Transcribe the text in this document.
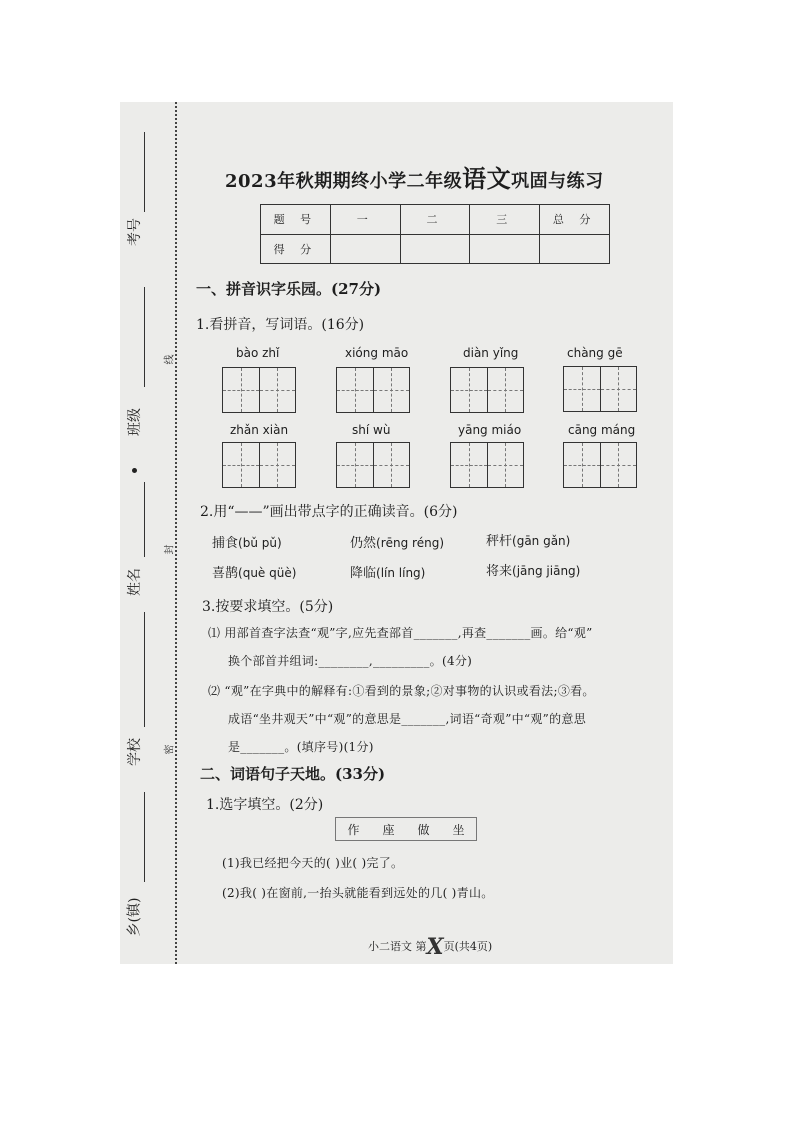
考号
线
班级
封
姓名
密
学校
乡(镇)
2023年秋期期终小学二年级语文巩固与练习
题 号	一	二	三	总 分
得 分				
一、拼音识字乐园。(27分)
1.看拼音，写词语。(16分)
bào zhǐ	xióng māo	diàn yǐng	chàng gē
zhǎn xiàn	shí wù	yāng miáo	cāng máng
2.用“——”画出带点字的正确读音。(6分)
捕食(bǔ pǔ)	仍然(rēng réng)	秤杆(gān gǎn)
喜鹊(què qüè)	降临(lín líng)	将来(jāng jiāng)
3.按要求填空。(5分)
⑴ 用部首查字法查“观”字,应先查部首_______,再查_______画。给“观”
换个部首并组词:________,_________。(4分)
⑵ “观”在字典中的解释有:①看到的景象;②对事物的认识或看法;③看。
成语“坐井观天”中“观”的意思是_______,词语“奇观”中“观”的意思
是_______。(填序号)(1分)
二、词语句子天地。(33分)
1.选字填空。(2分)
作 座 做 坐
(1)我已经把今天的( )业( )完了。
(2)我( )在窗前,一抬头就能看到远处的几( )青山。
小二语文 第X页(共4页)
